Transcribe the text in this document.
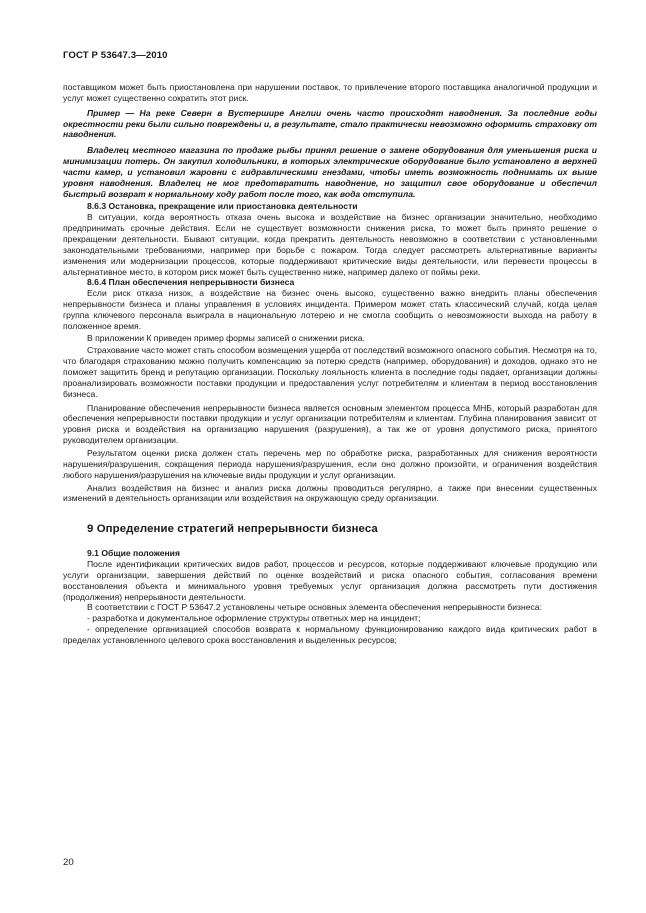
ГОСТ Р 53647.3—2010

поставщиком может быть приостановлена при нарушении поставок, то привлечение второго поставщика аналогичной продукции и услуг может существенно сократить этот риск.

Пример — На реке Северн в Вустершире Англии очень часто происходят наводнения. За последние годы окрестности реки были сильно повреждены и, в результате, стало практически невозможно оформить страховку от наводнения.

Владелец местного магазина по продаже рыбы принял решение о замене оборудования для уменьшения риска и минимизации потерь. Он закупил холодильники, в которых электрические оборудование было установлено в верхней части камер, и установил жаровни с гидравлическими гнездами, чтобы иметь возможность поднимать их выше уровня наводнения. Владелец не мог предотвратить наводнение, но защитил свое оборудование и обеспечил быстрый возврат к нормальному ходу работ после того, как вода отступила.

8.6.3 Остановка, прекращение или приостановка деятельности

В ситуации, когда вероятность отказа очень высока и воздействие на бизнес организации значительно, необходимо предпринимать срочные действия. Если не существует возможности снижения риска, то может быть принято решение о прекращении деятельности. Бывают ситуации, когда прекратить деятельность невозможно в соответствии с установленными законодательными требованиями, например при борьбе с пожаром. Тогда следует рассмотреть альтернативные варианты изменения или модернизации процессов, которые поддерживают критические виды деятельности, или перевести процессы в альтернативное место, в котором риск может быть существенно ниже, например далеко от поймы реки.

8.6.4 План обеспечения непрерывности бизнеса

Если риск отказа низок, а воздействие на бизнес очень высоко, существенно важно внедрить планы обеспечения непрерывности бизнеса и планы управления в условиях инцидента. Примером может стать классический случай, когда целая группа ключевого персонала выиграла в национальную лотерею и не смогла сообщить о невозможности выхода на работу в положенное время.

В приложении К приведен пример формы записей о снижении риска.

Страхование часто может стать способом возмещения ущерба от последствий возможного опасного события. Несмотря на то, что благодаря страхованию можно получить компенсацию за потерю средств (например, оборудования) и доходов, однако это не поможет защитить бренд и репутацию организации. Поскольку лояльность клиента в последние годы падает, организации должны проанализировать возможности поставки продукции и предоставления услуг потребителям и клиентам в период восстановления бизнеса.

Планирование обеспечения непрерывности бизнеса является основным элементом процесса МНБ, который разработан для обеспечения непрерывности поставки продукции и услуг организации потребителям и клиентам. Глубина планирования зависит от уровня риска и воздействия на организацию нарушения (разрушения), а так же от уровня допустимого риска, принятого руководителем организации.

Результатом оценки риска должен стать перечень мер по обработке риска, разработанных для снижения вероятности нарушения/разрушения, сокращения периода нарушения/разрушения, если оно должно произойти, и ограничения воздействия любого нарушения/разрушения на ключевые виды продукции и услуг организации.

Анализ воздействия на бизнес и анализ риска должны проводиться регулярно, а также при внесении существенных изменений в деятельность организации или воздействия на окружающую среду организации.

9 Определение стратегий непрерывности бизнеса

9.1 Общие положения

После идентификации критических видов работ, процессов и ресурсов, которые поддерживают ключевые продукцию или услуги организации, завершения действий по оценке воздействий и риска опасного события, согласования времени восстановления объекта и минимального уровня требуемых услуг организация должна рассмотреть пути достижения (продолжения) непрерывности деятельности.

В соответствии с ГОСТ Р 53647.2 установлены четыре основных элемента обеспечения непрерывности бизнеса:

- разработка и документальное оформление структуры ответных мер на инцидент;

- определение организацией способов возврата к нормальному функционированию каждого вида критических работ в пределах установленного целевого срока восстановления и выделенных ресурсов;

20
